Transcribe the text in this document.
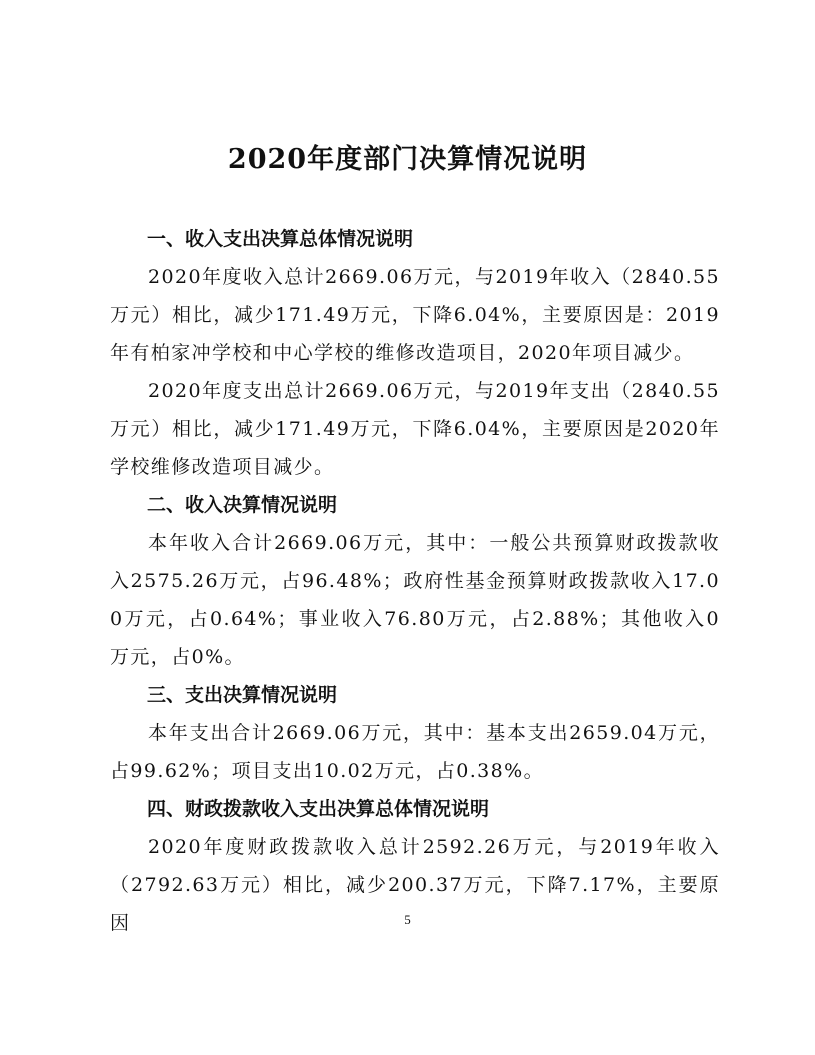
2020年度部门决算情况说明

一、收入支出决算总体情况说明

2020年度收入总计2669.06万元，与2019年收入（2840.55万元）相比，减少171.49万元，下降6.04%，主要原因是：2019年有柏家冲学校和中心学校的维修改造项目，2020年项目减少。

2020年度支出总计2669.06万元，与2019年支出（2840.55万元）相比，减少171.49万元，下降6.04%，主要原因是2020年学校维修改造项目减少。

二、收入决算情况说明

本年收入合计2669.06万元，其中：一般公共预算财政拨款收入2575.26万元，占96.48%；政府性基金预算财政拨款收入17.00万元，占0.64%；事业收入76.80万元，占2.88%；其他收入0万元，占0%。

三、支出决算情况说明

本年支出合计2669.06万元，其中：基本支出2659.04万元，占99.62%；项目支出10.02万元，占0.38%。

四、财政拨款收入支出决算总体情况说明

2020年度财政拨款收入总计2592.26万元，与2019年收入（2792.63万元）相比，减少200.37万元，下降7.17%，主要原因	5
